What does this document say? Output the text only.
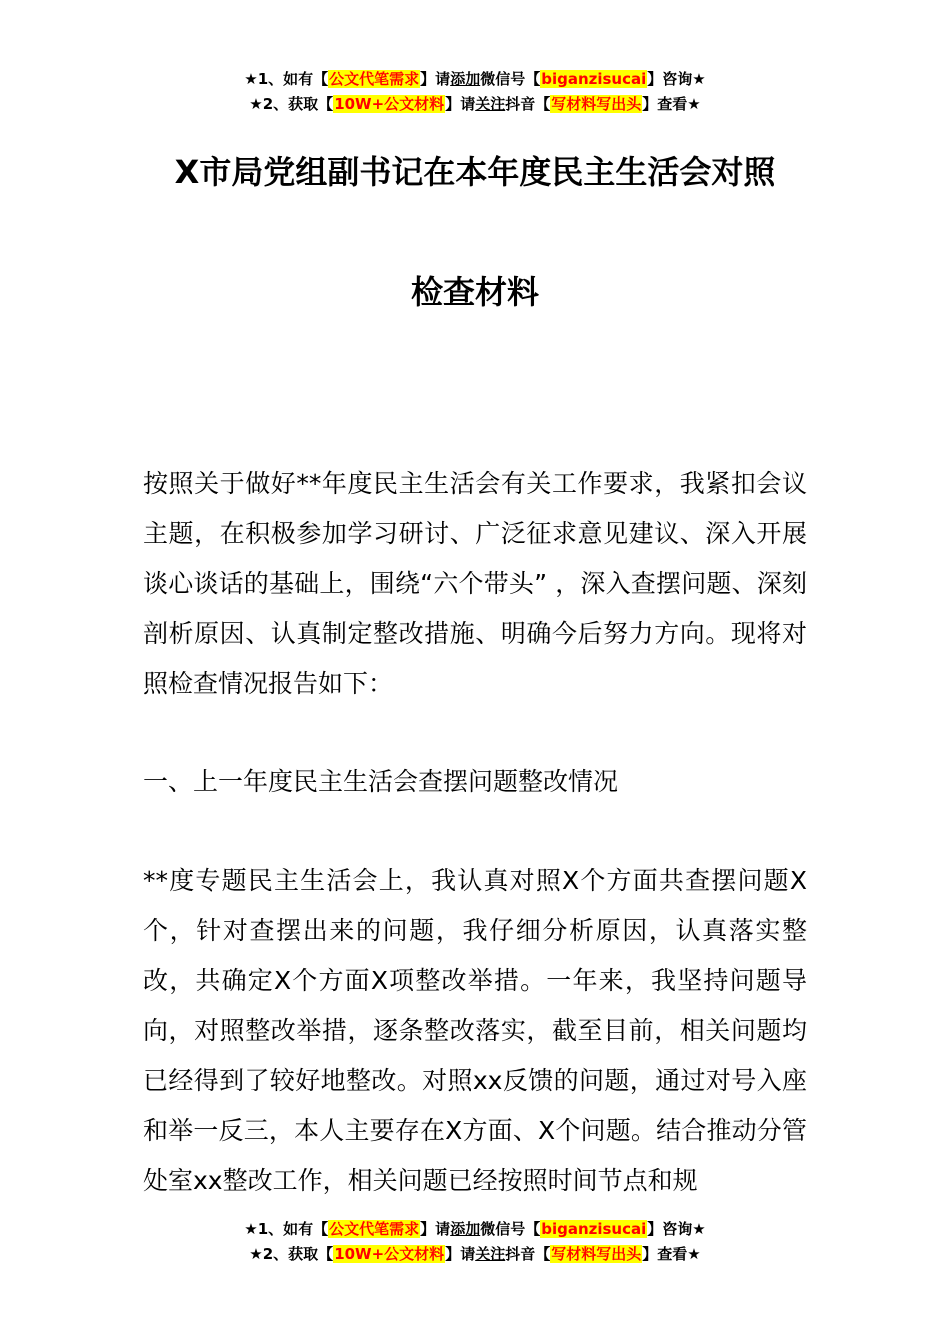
★1、如有【公文代笔需求】请添加微信号【biganzisucai】咨询★
★2、获取【10W+公文材料】请关注抖音【写材料写出头】查看★
X市局党组副书记在本年度民主生活会对照
检查材料

按照关于做好**年度民主生活会有关工作要求，我紧扣会议主题，在积极参加学习研讨、广泛征求意见建议、深入开展谈心谈话的基础上，围绕“六个带头” ，深入查摆问题、深刻剖析原因、认真制定整改措施、明确今后努力方向。现将对照检查情况报告如下：

一、上一年度民主生活会查摆问题整改情况

**度专题民主生活会上，我认真对照X个方面共查摆问题X个，针对查摆出来的问题，我仔细分析原因，认真落实整改，共确定X个方面X项整改举措。一年来，我坚持问题导向，对照整改举措，逐条整改落实，截至目前，相关问题均已经得到了较好地整改。对照xx反馈的问题，通过对号入座和举一反三，本人主要存在X方面、X个问题。结合推动分管处室xx整改工作，相关问题已经按照时间节点和规

★1、如有【公文代笔需求】请添加微信号【biganzisucai】咨询★
★2、获取【10W+公文材料】请关注抖音【写材料写出头】查看★
